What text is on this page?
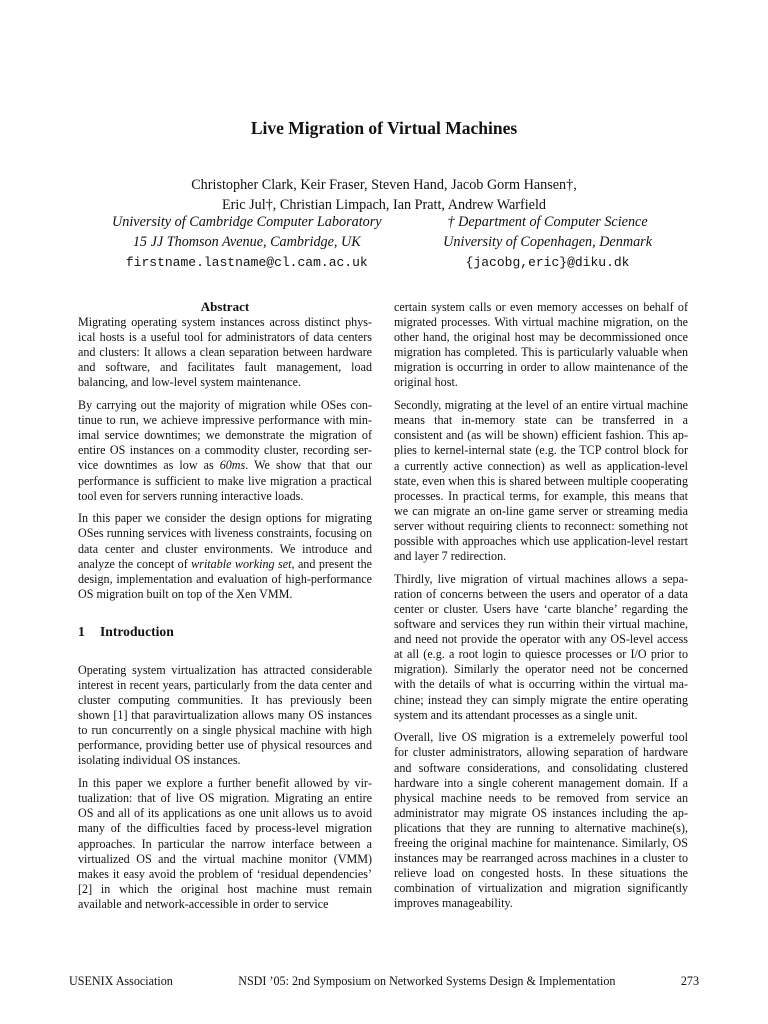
Live Migration of Virtual Machines
Christopher Clark, Keir Fraser, Steven Hand, Jacob Gorm Hansen†,
Eric Jul†, Christian Limpach, Ian Pratt, Andrew Warfield
University of Cambridge Computer Laboratory
15 JJ Thomson Avenue, Cambridge, UK
firstname.lastname@cl.cam.ac.uk
† Department of Computer Science
University of Copenhagen, Denmark
{jacobg,eric}@diku.dk
Abstract

Migrating operating system instances across distinct physical hosts is a useful tool for administrators of data centers and clusters: It allows a clean separation between hardware and software, and facilitates fault management, load balancing, and low-level system maintenance.

By carrying out the majority of migration while OSes continue to run, we achieve impressive performance with minimal service downtimes; we demonstrate the migration of entire OS instances on a commodity cluster, recording service downtimes as low as 60ms. We show that that our performance is sufficient to make live migration a practical tool even for servers running interactive loads.

In this paper we consider the design options for migrating OSes running services with liveness constraints, focusing on data center and cluster environments. We introduce and analyze the concept of writable working set, and present the design, implementation and evaluation of high-performance OS migration built on top of the Xen VMM.

1 Introduction

Operating system virtualization has attracted considerable interest in recent years, particularly from the data center and cluster computing communities. It has previously been shown [1] that paravirtualization allows many OS instances to run concurrently on a single physical machine with high performance, providing better use of physical resources and isolating individual OS instances.

In this paper we explore a further benefit allowed by virtualization: that of live OS migration. Migrating an entire OS and all of its applications as one unit allows us to avoid many of the difficulties faced by process-level migration approaches. In particular the narrow interface between a virtualized OS and the virtual machine monitor (VMM) makes it easy avoid the problem of ‘residual dependencies’ [2] in which the original host machine must remain available and network-accessible in order to service

certain system calls or even memory accesses on behalf of migrated processes. With virtual machine migration, on the other hand, the original host may be decommissioned once migration has completed. This is particularly valuable when migration is occurring in order to allow maintenance of the original host.

Secondly, migrating at the level of an entire virtual machine means that in-memory state can be transferred in a consistent and (as will be shown) efficient fashion. This applies to kernel-internal state (e.g. the TCP control block for a currently active connection) as well as application-level state, even when this is shared between multiple cooperating processes. In practical terms, for example, this means that we can migrate an on-line game server or streaming media server without requiring clients to reconnect: something not possible with approaches which use application-level restart and layer 7 redirection.

Thirdly, live migration of virtual machines allows a separation of concerns between the users and operator of a data center or cluster. Users have ‘carte blanche’ regarding the software and services they run within their virtual machine, and need not provide the operator with any OS-level access at all (e.g. a root login to quiesce processes or I/O prior to migration). Similarly the operator need not be concerned with the details of what is occurring within the virtual machine; instead they can simply migrate the entire operating system and its attendant processes as a single unit.

Overall, live OS migration is a extremelely powerful tool for cluster administrators, allowing separation of hardware and software considerations, and consolidating clustered hardware into a single coherent management domain. If a physical machine needs to be removed from service an administrator may migrate OS instances including the applications that they are running to alternative machine(s), freeing the original machine for maintenance. Similarly, OS instances may be rearranged across machines in a cluster to relieve load on congested hosts. In these situations the combination of virtualization and migration significantly improves manageability.

USENIX Association	NSDI ’05: 2nd Symposium on Networked Systems Design & Implementation	273
